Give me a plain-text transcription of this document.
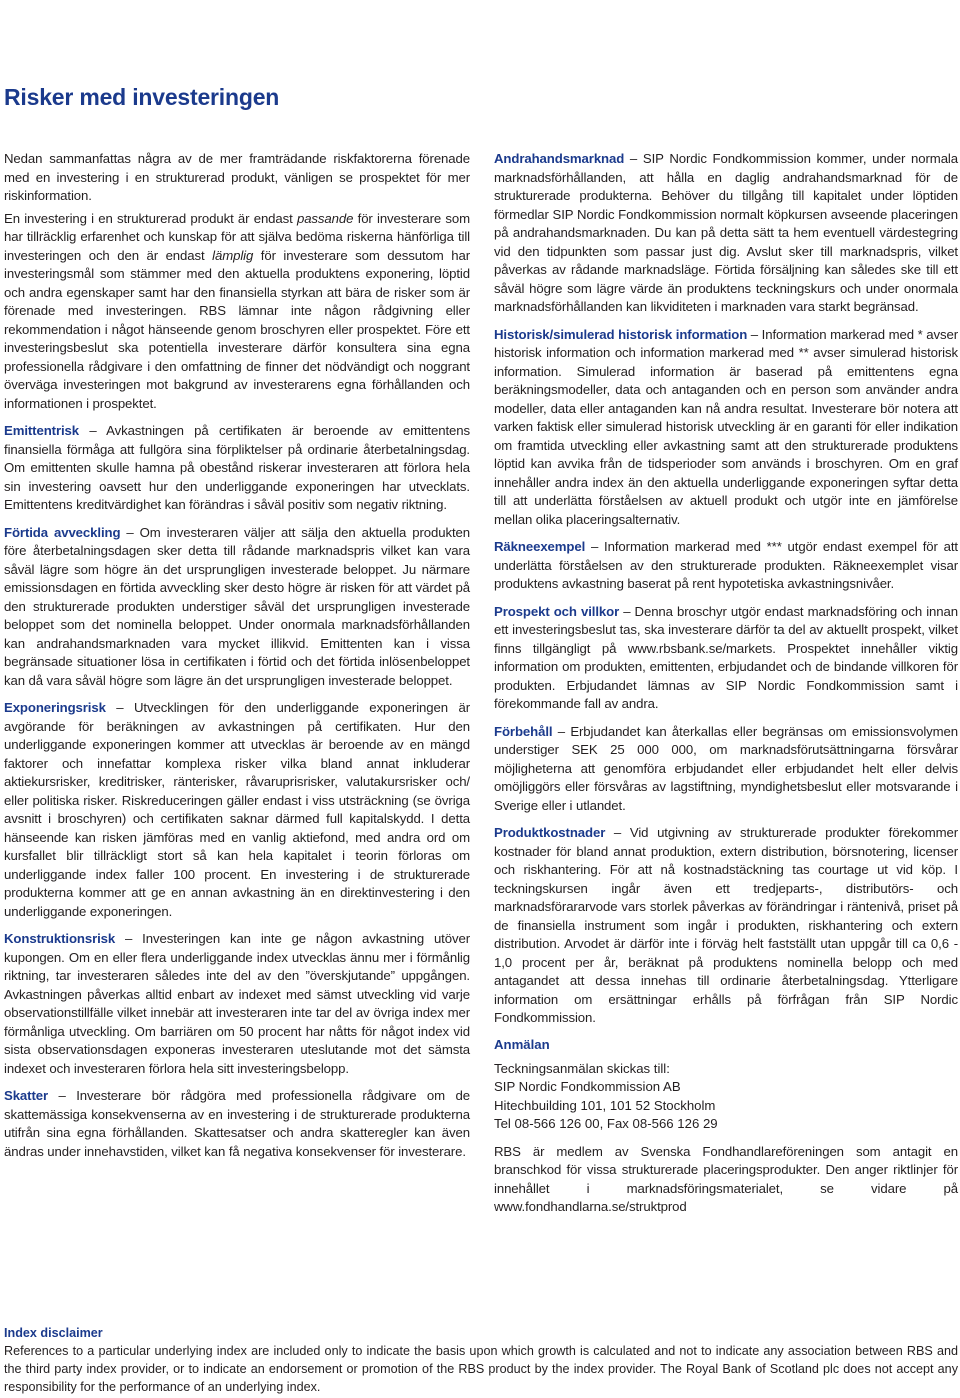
Risker med investeringen

Nedan sammanfattas några av de mer framträdande riskfaktorerna förenade med en investering i en strukturerad produkt, vänligen se prospektet för mer riskinformation.

En investering i en strukturerad produkt är endast passande för investerare som har tillräcklig erfarenhet och kunskap för att själva bedöma riskerna hänförliga till investeringen och den är endast lämplig för investerare som dessutom har investeringsmål som stämmer med den aktuella produktens exponering, löptid och andra egenskaper samt har den finansiella styrkan att bära de risker som är förenade med investeringen. RBS lämnar inte någon rådgivning eller rekommendation i något hänseende genom broschyren eller prospektet. Före ett investeringsbeslut ska potentiella investerare därför konsultera sina egna professionella rådgivare i den omfattning de finner det nödvändigt och noggrant överväga investeringen mot bakgrund av investerarens egna förhållanden och informationen i prospektet.

Emittentrisk – Avkastningen på certifikaten är beroende av emittentens finansiella förmåga att fullgöra sina förpliktelser på ordinarie återbetalningsdag. Om emittenten skulle hamna på obestånd riskerar investeraren att förlora hela sin investering oavsett hur den underliggande exponeringen har utvecklats. Emittentens kreditvärdighet kan förändras i såväl positiv som negativ riktning.

Förtida avveckling – Om investeraren väljer att sälja den aktuella produkten före återbetalningsdagen sker detta till rådande marknadspris vilket kan vara såväl lägre som högre än det ursprungligen investerade beloppet. Ju närmare emissionsdagen en förtida avveckling sker desto högre är risken för att värdet på den strukturerade produkten understiger såväl det ursprungligen investerade beloppet som det nominella beloppet. Under onormala marknadsförhållanden kan andrahandsmarknaden vara mycket illikvid. Emittenten kan i vissa begränsade situationer lösa in certifikaten i förtid och det förtida inlösenbeloppet kan då vara såväl högre som lägre än det ursprungligen investerade beloppet.

Exponeringsrisk – Utvecklingen för den underliggande exponeringen är avgörande för beräkningen av avkastningen på certifikaten. Hur den underliggande exponeringen kommer att utvecklas är beroende av en mängd faktorer och innefattar komplexa risker vilka bland annat inkluderar aktiekursrisker, kreditrisker, ränterisker, råvaruprisrisker, valutakursrisker och/ eller politiska risker. Riskreduceringen gäller endast i viss utsträckning (se övriga avsnitt i broschyren) och certifikaten saknar därmed full kapitalskydd. I detta hänseende kan risken jämföras med en vanlig aktiefond, med andra ord om kursfallet blir tillräckligt stort så kan hela kapitalet i teorin förloras om underliggande index faller 100 procent. En investering i de strukturerade produkterna kommer att ge en annan avkastning än en direktinvestering i den underliggande exponeringen.

Konstruktionsrisk – Investeringen kan inte ge någon avkastning utöver kupongen. Om en eller flera underliggande index utvecklas ännu mer i förmånlig riktning, tar investeraren således inte del av den ”överskjutande” uppgången. Avkastningen påverkas alltid enbart av indexet med sämst utveckling vid varje observationstillfälle vilket innebär att investeraren inte tar del av övriga index mer förmånliga utveckling. Om barriären om 50 procent har nåtts för något index vid sista observationsdagen exponeras investeraren uteslutande mot det sämsta indexet och investeraren förlora hela sitt investeringsbelopp.

Skatter – Investerare bör rådgöra med professionella rådgivare om de skattemässiga konsekvenserna av en investering i de strukturerade produkterna utifrån sina egna förhållanden. Skattesatser och andra skatteregler kan även ändras under innehavstiden, vilket kan få negativa konsekvenser för investerare.

Andrahandsmarknad – SIP Nordic Fondkommission kommer, under normala marknadsförhållanden, att hålla en daglig andrahandsmarknad för de strukturerade produkterna. Behöver du tillgång till kapitalet under löptiden förmedlar SIP Nordic Fondkommission normalt köpkursen avseende placeringen på andrahandsmarknaden. Du kan på detta sätt ta hem eventuell värdestegring vid den tidpunkten som passar just dig. Avslut sker till marknadspris, vilket påverkas av rådande marknadsläge. Förtida försäljning kan således ske till ett såväl högre som lägre värde än produktens teckningskurs och under onormala marknadsförhållanden kan likviditeten i marknaden vara starkt begränsad.

Historisk/simulerad historisk information – Information markerad med * avser historisk information och information markerad med ** avser simulerad historisk information. Simulerad information är baserad på emittentens egna beräkningsmodeller, data och antaganden och en person som använder andra modeller, data eller antaganden kan nå andra resultat. Investerare bör notera att varken faktisk eller simulerad historisk utveckling är en garanti för eller indikation om framtida utveckling eller avkastning samt att den strukturerade produktens löptid kan avvika från de tidsperioder som används i broschyren. Om en graf innehåller andra index än den aktuella underliggande exponeringen syftar detta till att underlätta förståelsen av aktuell produkt och utgör inte en jämförelse mellan olika placeringsalternativ.

Räkneexempel – Information markerad med *** utgör endast exempel för att underlätta förståelsen av den strukturerade produkten. Räkneexemplet visar produktens avkastning baserat på rent hypotetiska avkastningsnivåer.

Prospekt och villkor – Denna broschyr utgör endast marknadsföring och innan ett investeringsbeslut tas, ska investerare därför ta del av aktuellt prospekt, vilket finns tillgängligt på www.rbsbank.se/markets. Prospektet innehåller viktig information om produkten, emittenten, erbjudandet och de bindande villkoren för produkten. Erbjudandet lämnas av SIP Nordic Fondkommission samt i förekommande fall av andra.

Förbehåll – Erbjudandet kan återkallas eller begränsas om emissionsvolymen understiger SEK 25 000 000, om marknadsförutsättningarna försvårar möjligheterna att genomföra erbjudandet eller erbjudandet helt eller delvis omöjliggörs eller försvåras av lagstiftning, myndighetsbeslut eller motsvarande i Sverige eller i utlandet.

Produktkostnader – Vid utgivning av strukturerade produkter förekommer kostnader för bland annat produktion, extern distribution, börsnotering, licenser och riskhantering. För att nå kostnadstäckning tas courtage ut vid köp. I teckningskursen ingår även ett tredjeparts-, distributörs- och marknadsförararvode vars storlek påverkas av förändringar i räntenivå, priset på de finansiella instrument som ingår i produkten, riskhantering och extern distribution. Arvodet är därför inte i förväg helt fastställt utan uppgår till ca 0,6 - 1,0 procent per år, beräknat på produktens nominella belopp och med antagandet att dessa innehas till ordinarie återbetalningsdag. Ytterligare information om ersättningar erhålls på förfrågan från SIP Nordic Fondkommission.

Anmälan
Teckningsanmälan skickas till:
SIP Nordic Fondkommission AB
Hitechbuilding 101, 101 52 Stockholm
Tel 08-566 126 00, Fax 08-566 126 29

RBS är medlem av Svenska Fondhandlareföreningen som antagit en branschkod för vissa strukturerade placeringsprodukter. Den anger riktlinjer för innehållet i marknadsföringsmaterialet, se vidare på www.fondhandlarna.se/struktprod

Index disclaimer

References to a particular underlying index are included only to indicate the basis upon which growth is calculated and not to indicate any association between RBS and the third party index provider, or to indicate an endorsement or promotion of the RBS product by the index provider. The Royal Bank of Scotland plc does not accept any responsibility for the performance of an underlying index.
